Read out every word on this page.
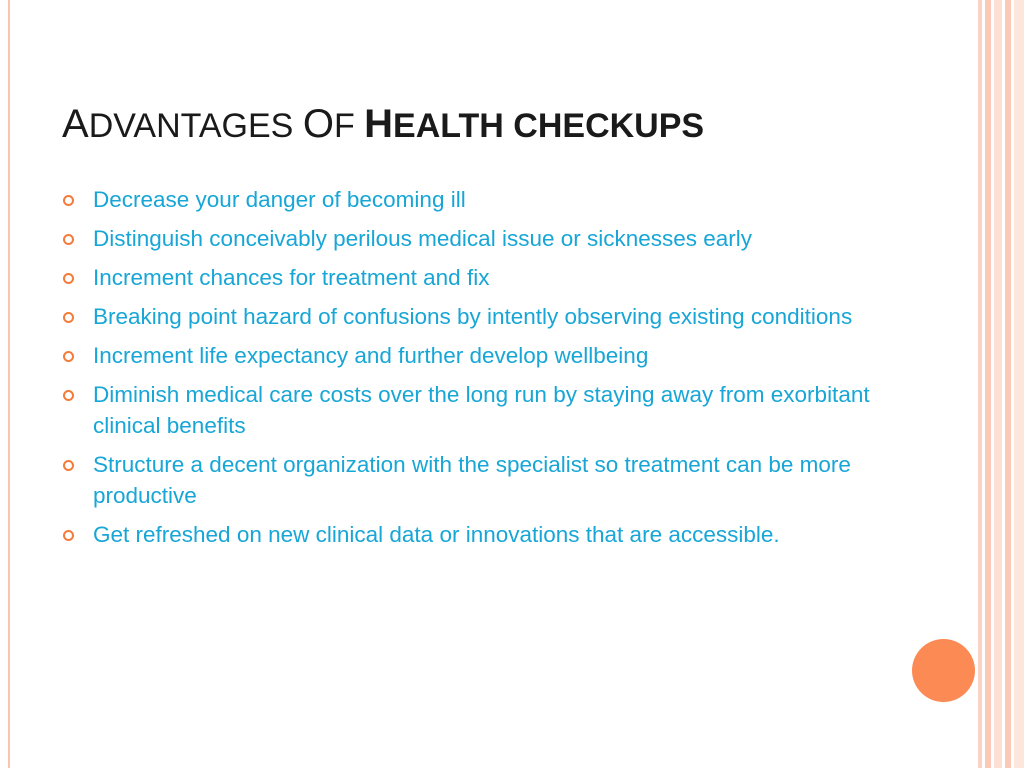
ADVANTAGES OF HEALTH CHECKUPS
Decrease your danger of becoming ill
Distinguish conceivably perilous medical issue or sicknesses early
Increment chances for treatment and fix
Breaking point hazard of confusions by intently observing existing conditions
Increment life expectancy and further develop wellbeing
Diminish medical care costs over the long run by staying away from exorbitant clinical benefits
Structure a decent organization with the specialist so treatment can be more productive
Get refreshed on new clinical data or innovations that are accessible.
